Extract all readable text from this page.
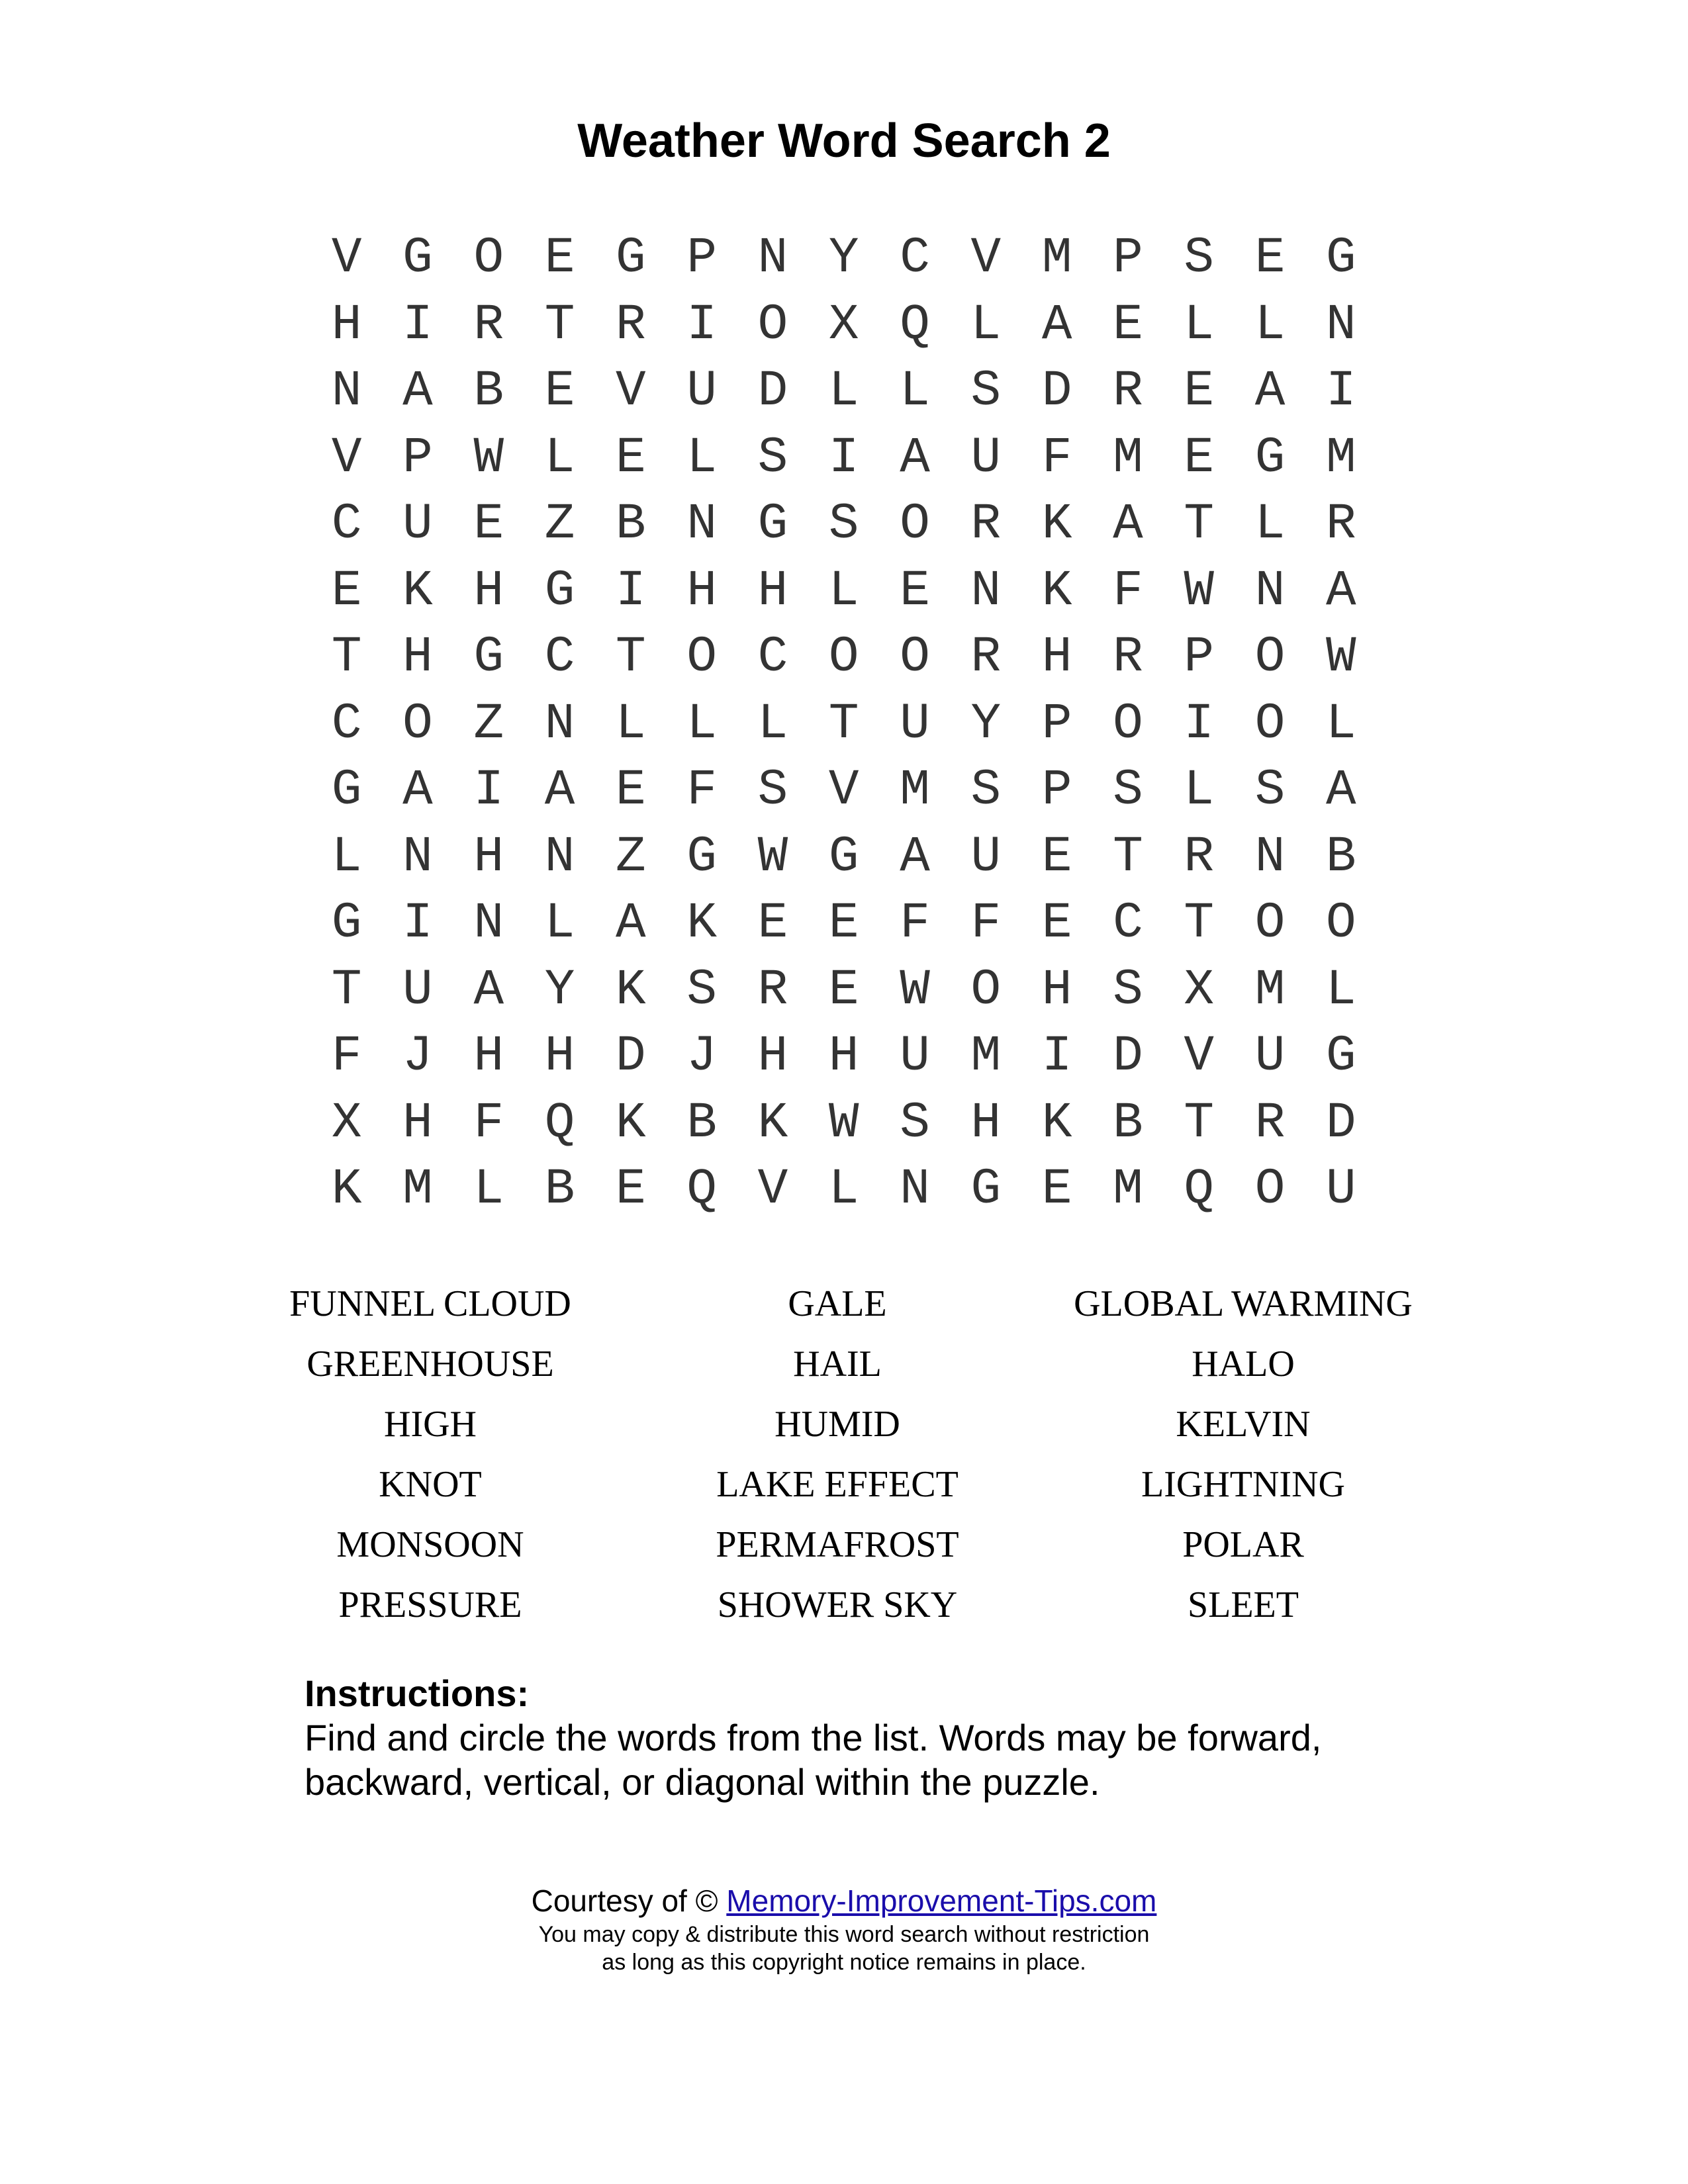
Weather Word Search 2
V G O E G P N Y C V M P S E G
H I R T R I O X Q L A E L L N
N A B E V U D L L S D R E A I
V P W L E L S I A U F M E G M
C U E Z B N G S O R K A T L R
E K H G I H H L E N K F W N A
T H G C T O C O O R H R P O W
C O Z N L L L T U Y P O I O L
G A I A E F S V M S P S L S A
L N H N Z G W G A U E T R N B
G I N L A K E E F F E C T O O
T U A Y K S R E W O H S X M L
F J H H D J H H U M I D V U G
X H F Q K B K W S H K B T R D
K M L B E Q V L N G E M Q O U
FUNNEL CLOUD	GALE	GLOBAL WARMING
GREENHOUSE	HAIL	HALO
HIGH	HUMID	KELVIN
KNOT	LAKE EFFECT	LIGHTNING
MONSOON	PERMAFROST	POLAR
PRESSURE	SHOWER SKY	SLEET
Instructions:
Find and circle the words from the list. Words may be forward, backward, vertical, or diagonal within the puzzle.
Courtesy of © Memory-Improvement-Tips.com
You may copy & distribute this word search without restriction
as long as this copyright notice remains in place.
